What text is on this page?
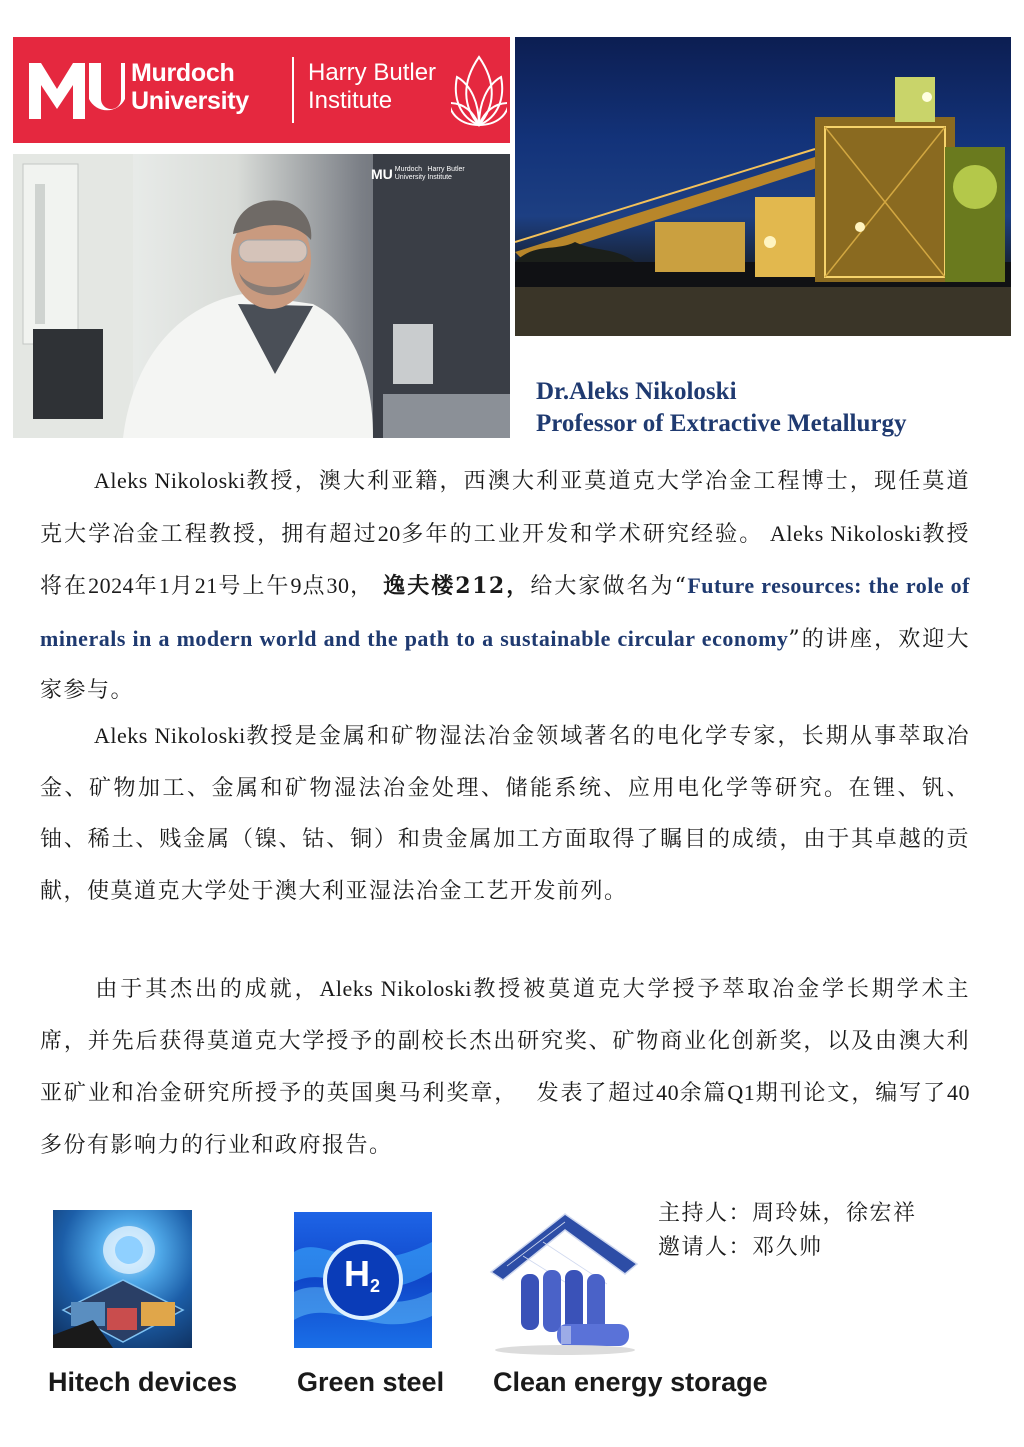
Murdoch
University
Harry Butler
Institute
MU Murdoch
University

Harry Butler
Institute
Dr.Aleks Nikoloski
Professor of Extractive Metallurgy
Aleks Nikoloski教授，澳大利亚籍，西澳大利亚莫道克大学冶金工程博士，现任莫道克大学冶金工程教授，拥有超过20多年的工业开发和学术研究经验。 Aleks Nikoloski教授将在2024年1月21号上午9点30， 逸夫楼212，给大家做名为“Future resources: the role of minerals in a modern world and the path to a sustainable circular economy”的讲座，欢迎大家参与。
Aleks Nikoloski教授是金属和矿物湿法冶金领域著名的电化学专家，长期从事萃取冶金、矿物加工、金属和矿物湿法冶金处理、储能系统、应用电化学等研究。在锂、钒、铀、稀土、贱金属（镍、钴、铜）和贵金属加工方面取得了瞩目的成绩，由于其卓越的贡献，使莫道克大学处于澳大利亚湿法冶金工艺开发前列。
由于其杰出的成就，Aleks Nikoloski教授被莫道克大学授予萃取冶金学长期学术主席，并先后获得莫道克大学授予的副校长杰出研究奖、矿物商业化创新奖，以及由澳大利亚矿业和冶金研究所授予的英国奥马利奖章， 发表了超过40余篇Q1期刊论文，编写了40多份有影响力的行业和政府报告。
主持人：周玲妹，徐宏祥
邀请人：邓久帅
H2
Hitech devices Green steel Clean energy storage
